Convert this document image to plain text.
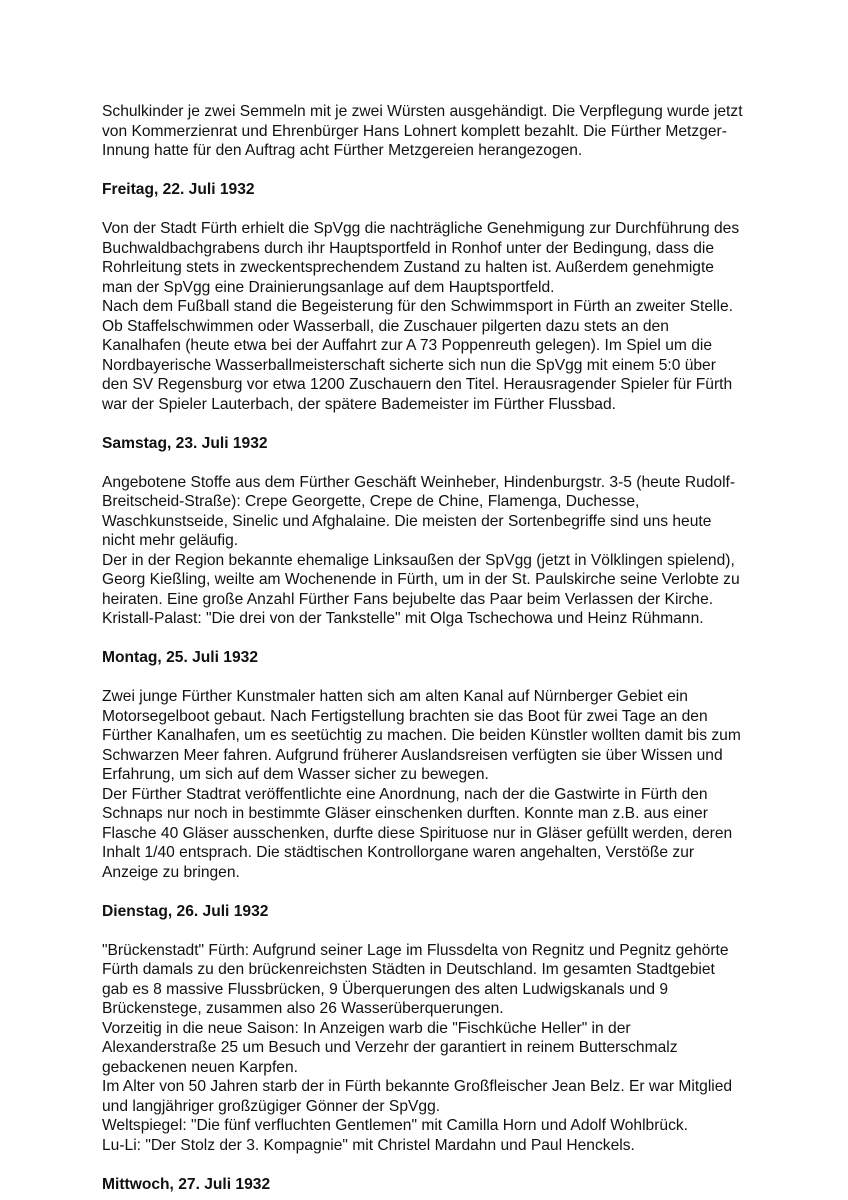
Schulkinder je zwei Semmeln mit je zwei Würsten ausgehändigt. Die Verpflegung wurde jetzt
von Kommerzienrat und Ehrenbürger Hans Lohnert komplett bezahlt. Die Fürther Metzger-
Innung hatte für den Auftrag acht Fürther Metzgereien herangezogen.

Freitag, 22. Juli 1932

Von der Stadt Fürth erhielt die SpVgg die nachträgliche Genehmigung zur Durchführung des
Buchwaldbachgrabens durch ihr Hauptsportfeld in Ronhof unter der Bedingung, dass die
Rohrleitung stets in zweckentsprechendem Zustand zu halten ist. Außerdem genehmigte
man der SpVgg eine Drainierungsanlage auf dem Hauptsportfeld.
Nach dem Fußball stand die Begeisterung für den Schwimmsport in Fürth an zweiter Stelle.
Ob Staffelschwimmen oder Wasserball, die Zuschauer pilgerten dazu stets an den
Kanalhafen (heute etwa bei der Auffahrt zur A 73 Poppenreuth gelegen). Im Spiel um die
Nordbayerische Wasserballmeisterschaft sicherte sich nun die SpVgg mit einem 5:0 über
den SV Regensburg vor etwa 1200 Zuschauern den Titel. Herausragender Spieler für Fürth
war der Spieler Lauterbach, der spätere Bademeister im Fürther Flussbad.

Samstag, 23. Juli 1932

Angebotene Stoffe aus dem Fürther Geschäft Weinheber, Hindenburgstr. 3-5 (heute Rudolf-
Breitscheid-Straße): Crepe Georgette, Crepe de Chine, Flamenga, Duchesse,
Waschkunstseide, Sinelic und Afghalaine. Die meisten der Sortenbegriffe sind uns heute
nicht mehr geläufig.
Der in der Region bekannte ehemalige Linksaußen der SpVgg (jetzt in Völklingen spielend),
Georg Kießling, weilte am Wochenende in Fürth, um in der St. Paulskirche seine Verlobte zu
heiraten. Eine große Anzahl Fürther Fans bejubelte das Paar beim Verlassen der Kirche.
Kristall-Palast: "Die drei von der Tankstelle" mit Olga Tschechowa und Heinz Rühmann.

Montag, 25. Juli 1932

Zwei junge Fürther Kunstmaler hatten sich am alten Kanal auf Nürnberger Gebiet ein
Motorsegelboot gebaut. Nach Fertigstellung brachten sie das Boot für zwei Tage an den
Fürther Kanalhafen, um es seetüchtig zu machen. Die beiden Künstler wollten damit bis zum
Schwarzen Meer fahren. Aufgrund früherer Auslandsreisen verfügten sie über Wissen und
Erfahrung, um sich auf dem Wasser sicher zu bewegen.
Der Fürther Stadtrat veröffentlichte eine Anordnung, nach der die Gastwirte in Fürth den
Schnaps nur noch in bestimmte Gläser einschenken durften. Konnte man z.B. aus einer
Flasche 40 Gläser ausschenken, durfte diese Spirituose nur in Gläser gefüllt werden, deren
Inhalt 1/40 entsprach. Die städtischen Kontrollorgane waren angehalten, Verstöße zur
Anzeige zu bringen.

Dienstag, 26. Juli 1932

"Brückenstadt" Fürth: Aufgrund seiner Lage im Flussdelta von Regnitz und Pegnitz gehörte
Fürth damals zu den brückenreichsten Städten in Deutschland. Im gesamten Stadtgebiet
gab es 8 massive Flussbrücken, 9 Überquerungen des alten Ludwigskanals und 9
Brückenstege, zusammen also 26 Wasserüberquerungen.
Vorzeitig in die neue Saison: In Anzeigen warb die "Fischküche Heller" in der
Alexanderstraße 25 um Besuch und Verzehr der garantiert in reinem Butterschmalz
gebackenen neuen Karpfen.
Im Alter von 50 Jahren starb der in Fürth bekannte Großfleischer Jean Belz. Er war Mitglied
und langjähriger großzügiger Gönner der SpVgg.
Weltspiegel: "Die fünf verfluchten Gentlemen" mit Camilla Horn und Adolf Wohlbrück.
Lu-Li: "Der Stolz der 3. Kompagnie" mit Christel Mardahn und Paul Henckels.

Mittwoch, 27. Juli 1932
